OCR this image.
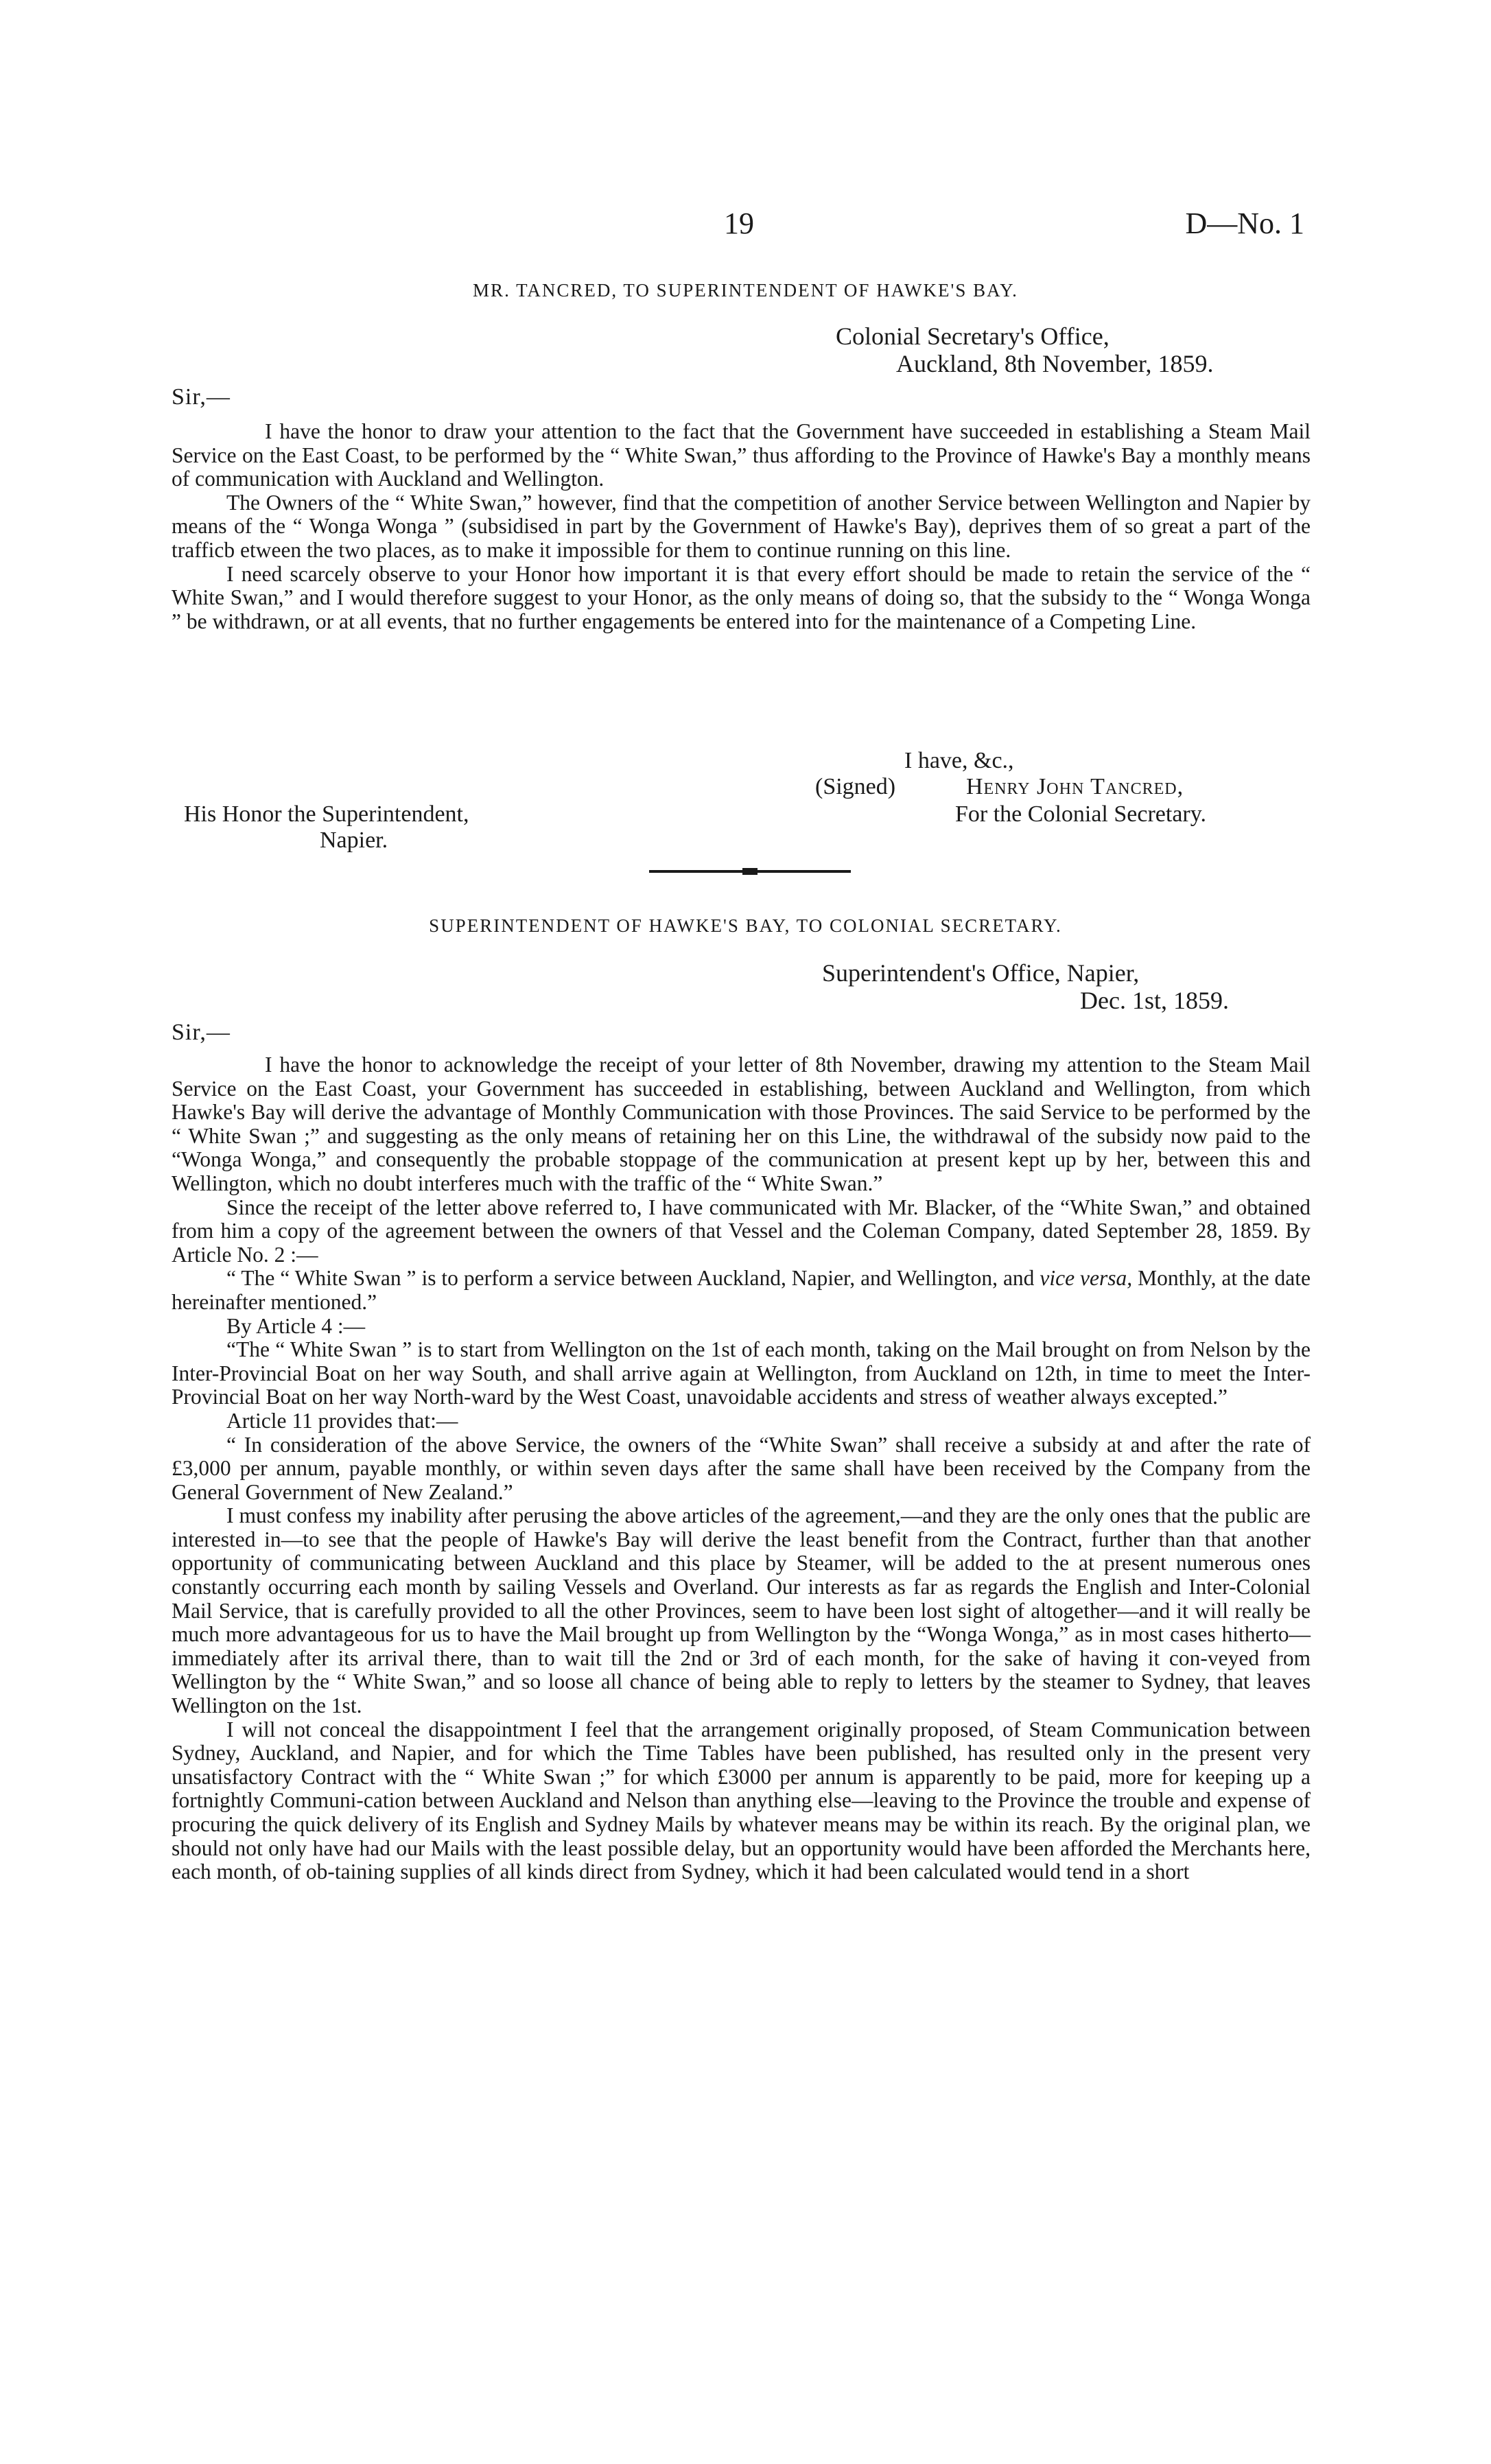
19	D—No. 1
MR. TANCRED, TO SUPERINTENDENT OF HAWKE'S BAY.
Colonial Secretary's Office,
Auckland, 8th November, 1859.
Sir,—

I have the honor to draw your attention to the fact that the Government have succeeded in establishing a Steam Mail Service on the East Coast, to be performed by the “ White Swan,” thus affording to the Province of Hawke's Bay a monthly means of communication with Auckland and Wellington.

The Owners of the “ White Swan,” however, find that the competition of another Service between Wellington and Napier by means of the “ Wonga Wonga ” (subsidised in part by the Government of Hawke's Bay), deprives them of so great a part of the trafficb etween the two places, as to make it impossible for them to continue running on this line.

I need scarcely observe to your Honor how important it is that every effort should be made to retain the service of the “ White Swan,” and I would therefore suggest to your Honor, as the only means of doing so, that the subsidy to the “ Wonga Wonga ” be withdrawn, or at all events, that no further engagements be entered into for the maintenance of a Competing Line.

I have, &c.,
(Signed)	Henry John Tancred,
For the Colonial Secretary.
His Honor the Superintendent,
Napier.
SUPERINTENDENT OF HAWKE'S BAY, TO COLONIAL SECRETARY.
Superintendent's Office, Napier,
Dec. 1st, 1859.
Sir,—

I have the honor to acknowledge the receipt of your letter of 8th November, drawing my attention to the Steam Mail Service on the East Coast, your Government has succeeded in establishing, between Auckland and Wellington, from which Hawke's Bay will derive the advantage of Monthly Communication with those Provinces. The said Service to be performed by the “ White Swan ;” and suggesting as the only means of retaining her on this Line, the withdrawal of the subsidy now paid to the “Wonga Wonga,” and consequently the probable stoppage of the communication at present kept up by her, between this and Wellington, which no doubt interferes much with the traffic of the “ White Swan.”

Since the receipt of the letter above referred to, I have communicated with Mr. Blacker, of the “White Swan,” and obtained from him a copy of the agreement between the owners of that Vessel and the Coleman Company, dated September 28, 1859. By Article No. 2 :—

“ The “ White Swan ” is to perform a service between Auckland, Napier, and Wellington, and vice versa, Monthly, at the date hereinafter mentioned.”

By Article 4 :—

“The “ White Swan ” is to start from Wellington on the 1st of each month, taking on the Mail brought on from Nelson by the Inter-Provincial Boat on her way South, and shall arrive again at Wellington, from Auckland on 12th, in time to meet the Inter-Provincial Boat on her way North-ward by the West Coast, unavoidable accidents and stress of weather always excepted.”

Article 11 provides that:—

“ In consideration of the above Service, the owners of the “White Swan” shall receive a subsidy at and after the rate of £3,000 per annum, payable monthly, or within seven days after the same shall have been received by the Company from the General Government of New Zealand.”

I must confess my inability after perusing the above articles of the agreement,—and they are the only ones that the public are interested in—to see that the people of Hawke's Bay will derive the least benefit from the Contract, further than that another opportunity of communicating between Auckland and this place by Steamer, will be added to the at present numerous ones constantly occurring each month by sailing Vessels and Overland. Our interests as far as regards the English and Inter-Colonial Mail Service, that is carefully provided to all the other Provinces, seem to have been lost sight of altogether—and it will really be much more advantageous for us to have the Mail brought up from Wellington by the “Wonga Wonga,” as in most cases hitherto—immediately after its arrival there, than to wait till the 2nd or 3rd of each month, for the sake of having it con-veyed from Wellington by the “ White Swan,” and so loose all chance of being able to reply to letters by the steamer to Sydney, that leaves Wellington on the 1st.

I will not conceal the disappointment I feel that the arrangement originally proposed, of Steam Communication between Sydney, Auckland, and Napier, and for which the Time Tables have been published, has resulted only in the present very unsatisfactory Contract with the “ White Swan ;” for which £3000 per annum is apparently to be paid, more for keeping up a fortnightly Communi-cation between Auckland and Nelson than anything else—leaving to the Province the trouble and expense of procuring the quick delivery of its English and Sydney Mails by whatever means may be within its reach. By the original plan, we should not only have had our Mails with the least possible delay, but an opportunity would have been afforded the Merchants here, each month, of ob-taining supplies of all kinds direct from Sydney, which it had been calculated would tend in a short
